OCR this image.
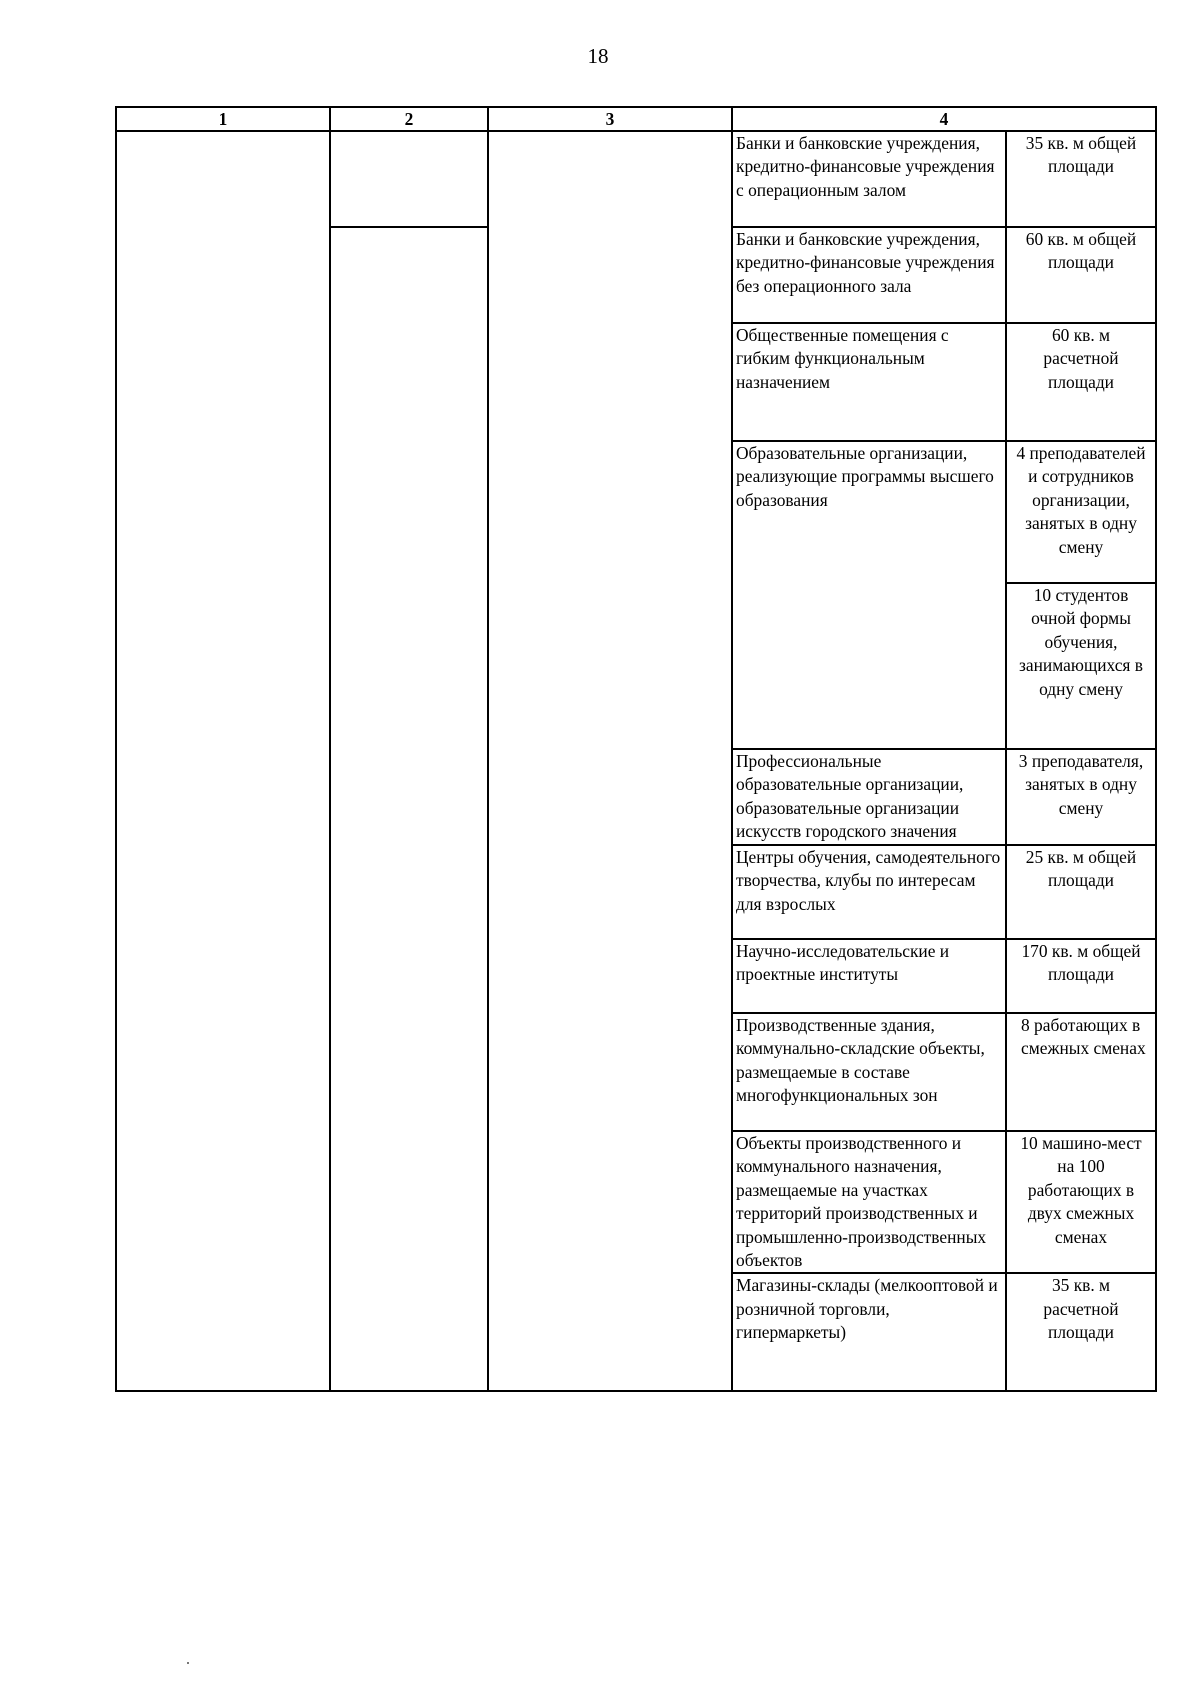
18
1	2	3	4	
			Банки и банковские учреждения, кредитно-финансовые учреждения с операционным залом	35 кв. м общей площади
			Банки и банковские учреждения, кредитно-финансовые учреждения без операционного зала	60 кв. м общей площади
			Общественные помещения с гибким функциональным назначением	60 кв. м расчетной площади
			Образовательные организации, реализующие программы высшего образования	4 преподавателей и сотрудников организации, занятых в одну смену
				10 студентов очной формы обучения, занимающихся в одну смену
			Профессиональные образовательные организации, образовательные организации искусств городского значения	3 преподавателя, занятых в одну смену
			Центры обучения, самодеятельного творчества, клубы по интересам для взрослых	25 кв. м общей площади
			Научно-исследовательские и проектные институты	170 кв. м общей площади
			Производственные здания, коммунально-складские объекты, размещаемые в составе многофункциональных зон	8 работающих в смежных сменах
			Объекты производственного и коммунального назначения, размещаемые на участках территорий производственных и промышленно-производственных объектов	10 машино-мест на 100 работающих в двух смежных сменах
			Магазины-склады (мелкооптовой и розничной торговли, гипермаркеты)	35 кв. м расчетной площади
